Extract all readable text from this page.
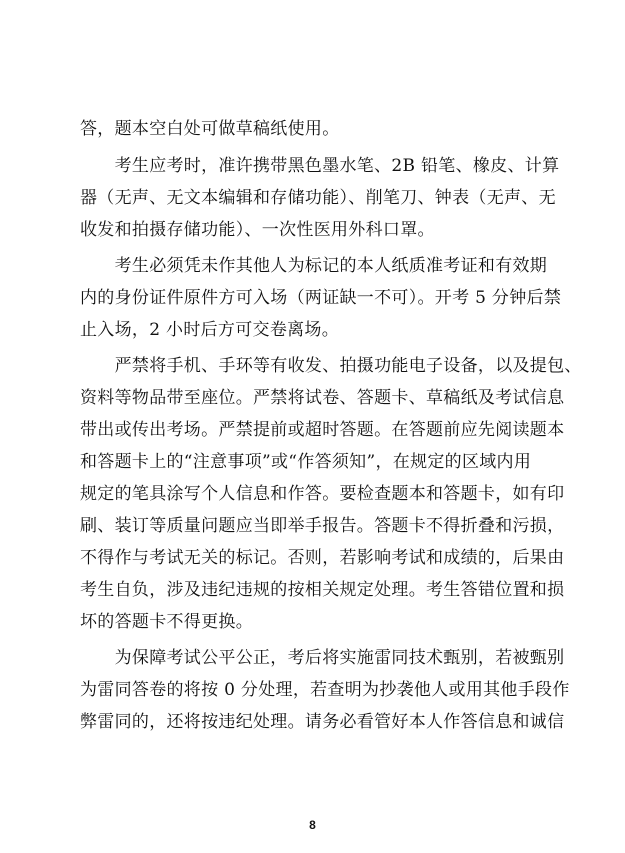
答，题本空白处可做草稿纸使用。
　　考生应考时，准许携带黑色墨水笔、2B 铅笔、橡皮、计算
器（无声、无文本编辑和存储功能）、削笔刀、钟表（无声、无
收发和拍摄存储功能）、一次性医用外科口罩。
　　考生必须凭未作其他人为标记的本人纸质准考证和有效期
内的身份证件原件方可入场（两证缺一不可）。开考 5 分钟后禁
止入场，2 小时后方可交卷离场。
　　严禁将手机、手环等有收发、拍摄功能电子设备，以及提包、
资料等物品带至座位。严禁将试卷、答题卡、草稿纸及考试信息
带出或传出考场。严禁提前或超时答题。在答题前应先阅读题本
和答题卡上的“注意事项”或“作答须知”，在规定的区域内用
规定的笔具涂写个人信息和作答。要检查题本和答题卡，如有印
刷、装订等质量问题应当即举手报告。答题卡不得折叠和污损，
不得作与考试无关的标记。否则，若影响考试和成绩的，后果由
考生自负，涉及违纪违规的按相关规定处理。考生答错位置和损
坏的答题卡不得更换。
　　为保障考试公平公正，考后将实施雷同技术甄别，若被甄别
为雷同答卷的将按 0 分处理，若查明为抄袭他人或用其他手段作
弊雷同的，还将按违纪处理。请务必看管好本人作答信息和诚信
8
